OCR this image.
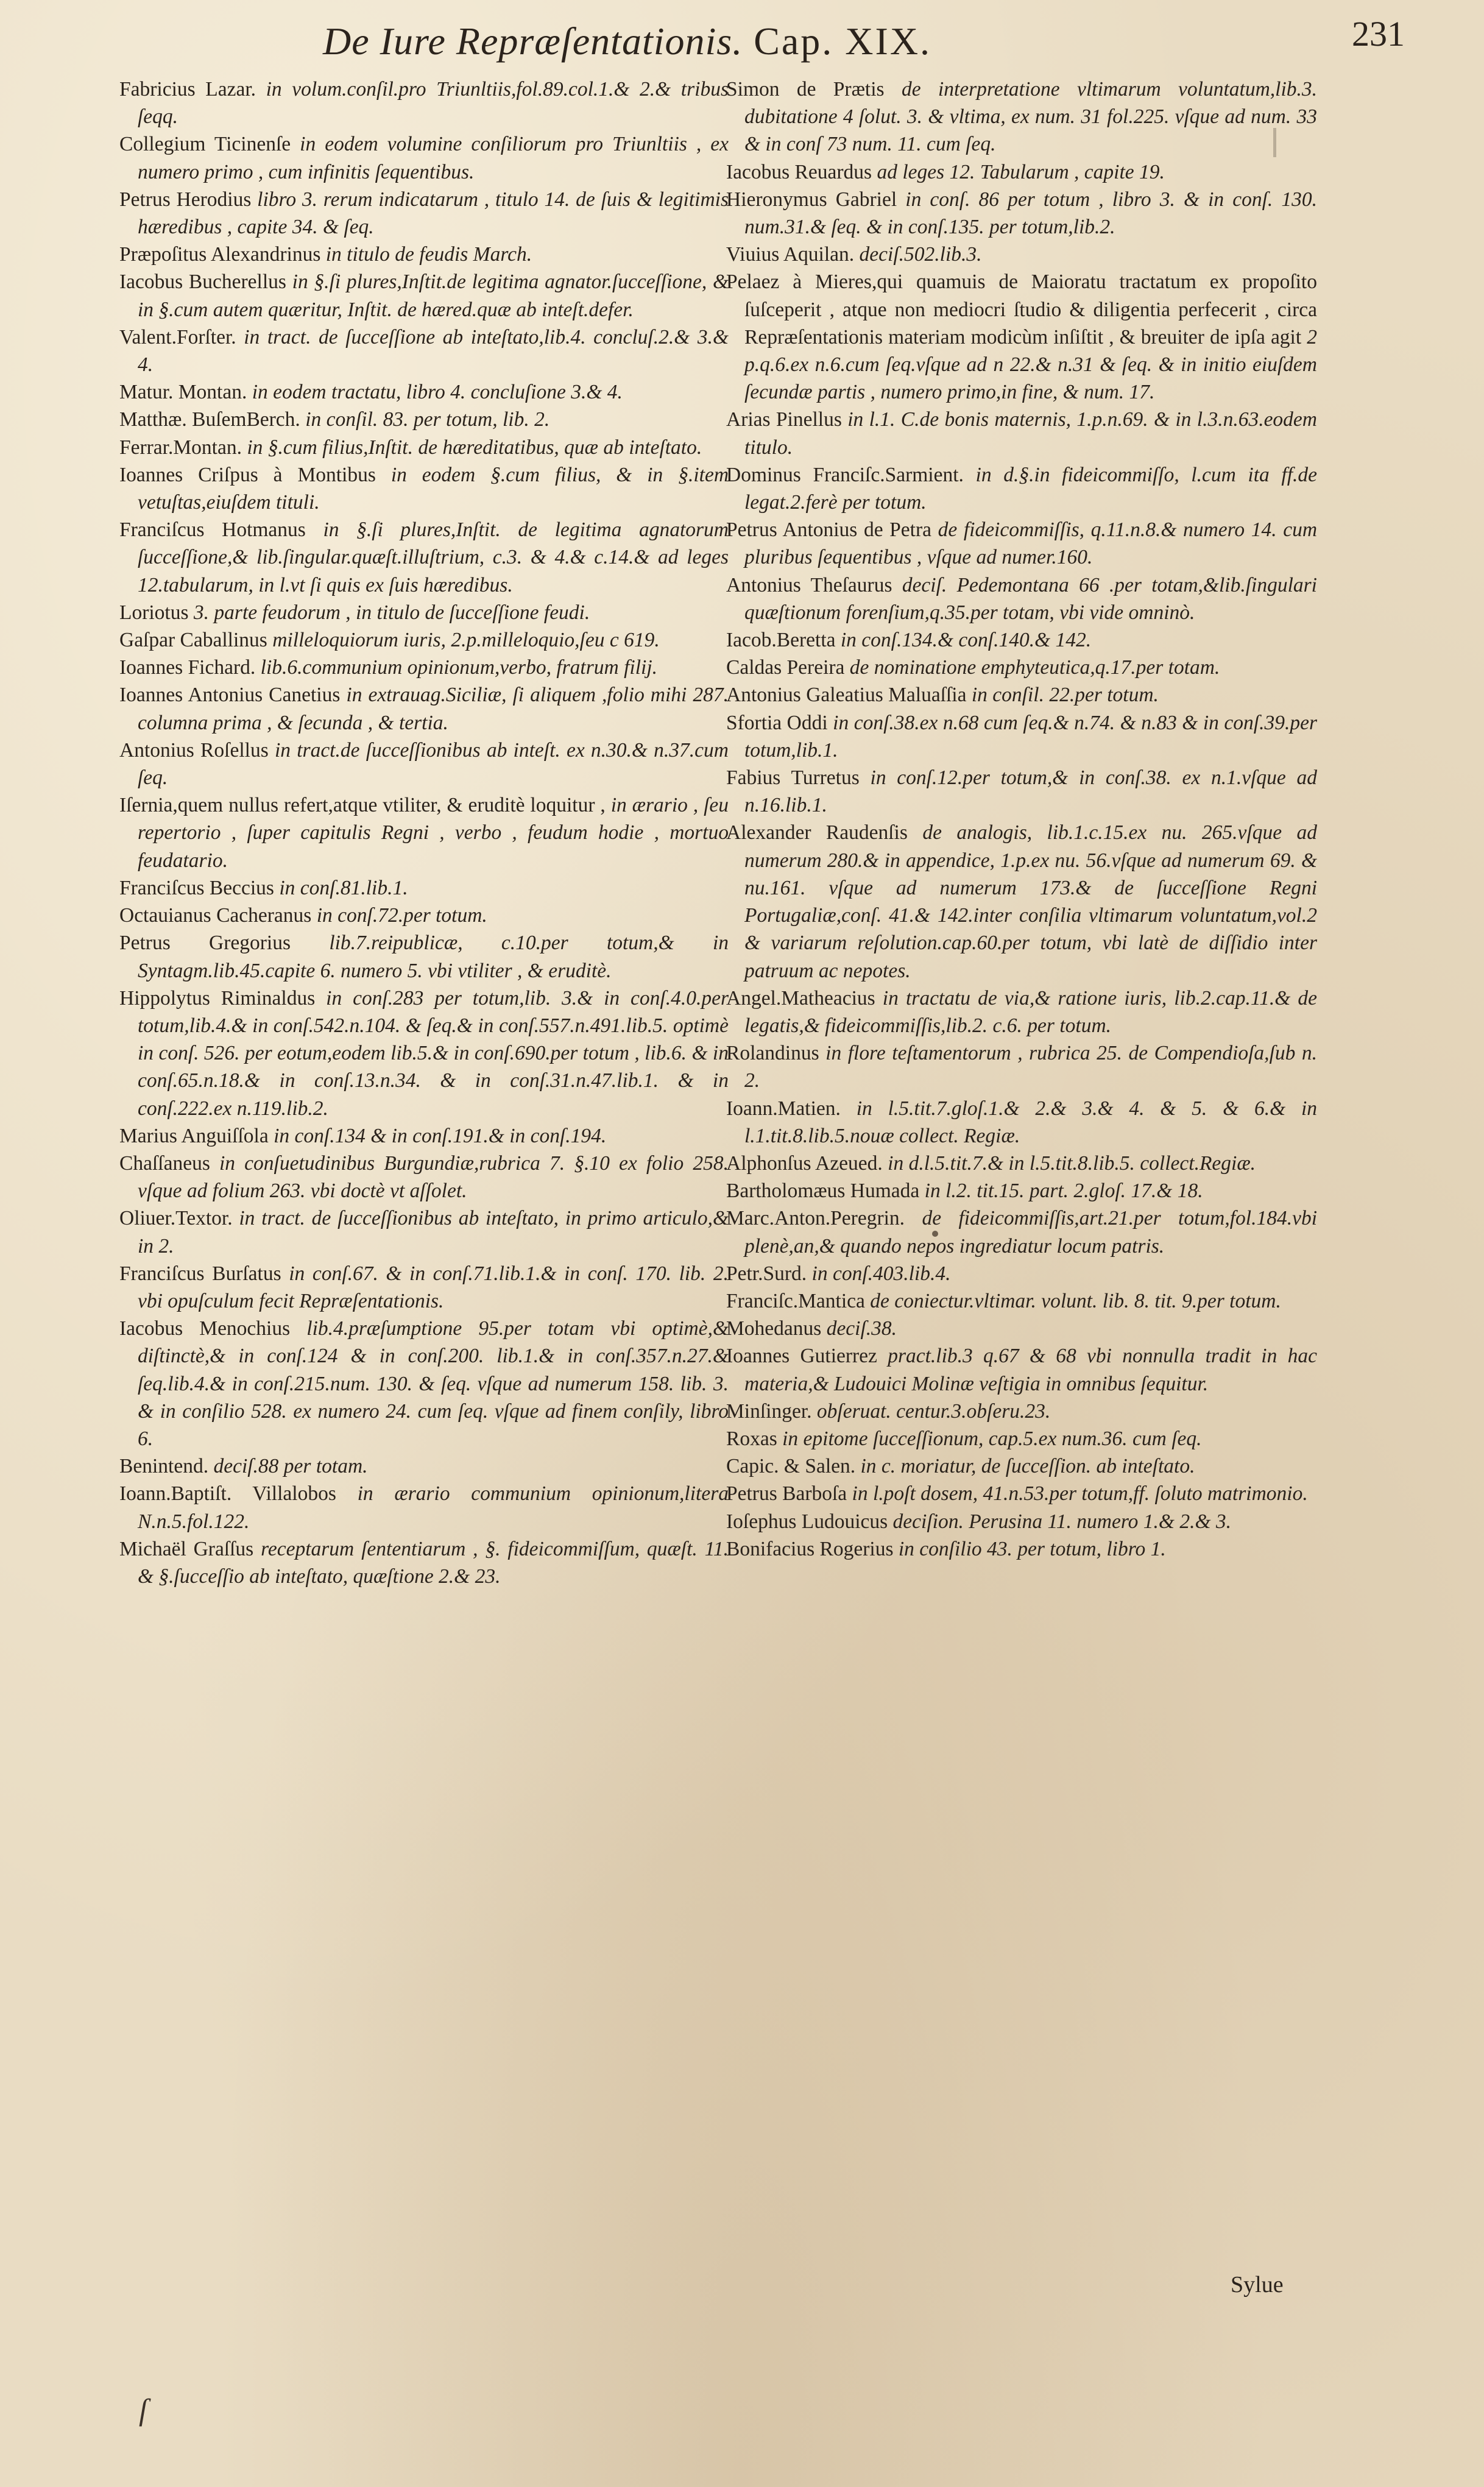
De Iure Repræſentationis. Cap. XIX.	231

Fabricius Lazar. in volum.conſil.pro Triunltiis,fol.89.col.1.& 2.& tribus ſeqq.

Collegium Ticinenſe in eodem volumine conſiliorum pro Triunltiis , ex numero primo , cum infinitis ſequentibus.

Petrus Herodius libro 3. rerum indicatarum , titulo 14. de ſuis & legitimis hæredibus , capite 34. & ſeq.

Præpoſitus Alexandrinus in titulo de feudis March.

Iacobus Bucherellus in §.ſi plures,Inſtit.de legitima agnator.ſucceſſione, & in §.cum autem quæritur, Inſtit. de hæred.quæ ab inteſt.defer.

Valent.Forſter. in tract. de ſucceſſione ab inteſtato,lib.4. concluſ.2.& 3.& 4.

Matur. Montan. in eodem tractatu, libro 4. concluſione 3.& 4.

Matthæ. BuſemBerch. in conſil. 83. per totum, lib. 2.

Ferrar.Montan. in §.cum filius,Inſtit. de hæreditatibus, quæ ab inteſtato.

Ioannes Criſpus à Montibus in eodem §.cum filius, & in §.item vetuſtas,eiuſdem tituli.

Franciſcus Hotmanus in §.ſi plures,Inſtit. de legitima agnatorum ſucceſſione,& lib.ſingular.quæſt.illuſtrium, c.3. & 4.& c.14.& ad leges 12.tabularum, in l.vt ſi quis ex ſuis hæredibus.

Loriotus 3. parte feudorum , in titulo de ſucceſſione feudi.

Gaſpar Caballinus milleloquiorum iuris, 2.p.milleloquio,ſeu c 619.

Ioannes Fichard. lib.6.communium opinionum,verbo, fratrum filij.

Ioannes Antonius Canetius in extrauag.Siciliæ, ſi aliquem ,folio mihi 287. columna prima , & ſecunda , & tertia.

Antonius Roſellus in tract.de ſucceſſionibus ab inteſt. ex n.30.& n.37.cum ſeq.

Iſernia,quem nullus refert,atque vtiliter, & eruditè loquitur , in ærario , ſeu repertorio , ſuper capitulis Regni , verbo , feudum hodie , mortuo feudatario.

Franciſcus Beccius in conſ.81.lib.1.

Octauianus Cacheranus in conſ.72.per totum.

Petrus Gregorius lib.7.reipublicæ, c.10.per totum,& in Syntagm.lib.45.capite 6. numero 5. vbi vtiliter , & eruditè.

Hippolytus Riminaldus in conſ.283 per totum,lib. 3.& in conſ.4.0.per totum,lib.4.& in conſ.542.n.104. & ſeq.& in conſ.557.n.491.lib.5. optimè in conſ. 526. per eotum,eodem lib.5.& in conſ.690.per totum , lib.6. & in conſ.65.n.18.& in conſ.13.n.34. & in conſ.31.n.47.lib.1. & in conſ.222.ex n.119.lib.2.

Marius Anguiſſola in conſ.134 & in conſ.191.& in conſ.194.

Chaſſaneus in conſuetudinibus Burgundiæ,rubrica 7. §.10 ex folio 258. vſque ad folium 263. vbi doctè vt aſſolet.

Oliuer.Textor. in tract. de ſucceſſionibus ab inteſtato, in primo articulo,& in 2.

Franciſcus Burſatus in conſ.67. & in conſ.71.lib.1.& in conſ. 170. lib. 2. vbi opuſculum fecit Repræſentationis.

Iacobus Menochius lib.4.præſumptione 95.per totam vbi optimè,& diſtinctè,& in conſ.124 & in conſ.200. lib.1.& in conſ.357.n.27.& ſeq.lib.4.& in conſ.215.num. 130. & ſeq. vſque ad numerum 158. lib. 3. & in conſilio 528. ex numero 24. cum ſeq. vſque ad finem conſily, libro 6.

Benintend. deciſ.88 per totam.

Ioann.Baptiſt. Villalobos in ærario communium opinionum,litera N.n.5.fol.122.

Michaël Graſſus receptarum ſententiarum , §. fideicommiſſum, quæſt. 11. & §.ſucceſſio ab inteſtato, quæſtione 2.& 23.

Simon de Prætis de interpretatione vltimarum voluntatum,lib.3. dubitatione 4 ſolut. 3. & vltima, ex num. 31 fol.225. vſque ad num. 33 & in conſ 73 num. 11. cum ſeq.

Iacobus Reuardus ad leges 12. Tabularum , capite 19.

Hieronymus Gabriel in conſ. 86 per totum , libro 3. & in conſ. 130. num.31.& ſeq. & in conſ.135. per totum,lib.2.

Viuius Aquilan. deciſ.502.lib.3.

Pelaez à Mieres,qui quamuis de Maioratu tractatum ex propoſito ſuſceperit , atque non mediocri ſtudio & diligentia perfecerit , circa Repræſentationis materiam modicùm inſiſtit , & breuiter de ipſa agit 2 p.q.6.ex n.6.cum ſeq.vſque ad n 22.& n.31 & ſeq. & in initio eiuſdem ſecundæ partis , numero primo,in fine, & num. 17.

Arias Pinellus in l.1. C.de bonis maternis, 1.p.n.69. & in l.3.n.63.eodem titulo.

Dominus Franciſc.Sarmient. in d.§.in fideicommiſſo, l.cum ita ff.de legat.2.ferè per totum.

Petrus Antonius de Petra de fideicommiſſis, q.11.n.8.& numero 14. cum pluribus ſequentibus , vſque ad numer.160.

Antonius Theſaurus deciſ. Pedemontana 66 .per totam,&lib.ſingulari quæſtionum forenſium,q.35.per totam, vbi vide omninò.

Iacob.Beretta in conſ.134.& conſ.140.& 142.

Caldas Pereira de nominatione emphyteutica,q.17.per totam.

Antonius Galeatius Maluaſſia in conſil. 22.per totum.

Sfortia Oddi in conſ.38.ex n.68 cum ſeq.& n.74. & n.83 & in conſ.39.per totum,lib.1.

Fabius Turretus in conſ.12.per totum,& in conſ.38. ex n.1.vſque ad n.16.lib.1.

Alexander Raudenſis de analogis, lib.1.c.15.ex nu. 265.vſque ad numerum 280.& in appendice, 1.p.ex nu. 56.vſque ad numerum 69. & nu.161. vſque ad numerum 173.& de ſucceſſione Regni Portugaliæ,conſ. 41.& 142.inter conſilia vltimarum voluntatum,vol.2 & variarum reſolution.cap.60.per totum, vbi latè de diſſidio inter patruum ac nepotes.

Angel.Matheacius in tractatu de via,& ratione iuris, lib.2.cap.11.& de legatis,& fideicommiſſis,lib.2. c.6. per totum.

Rolandinus in flore teſtamentorum , rubrica 25. de Compendioſa,ſub n. 2.

Ioann.Matien. in l.5.tit.7.gloſ.1.& 2.& 3.& 4. & 5. & 6.& in l.1.tit.8.lib.5.nouæ collect. Regiæ.

Alphonſus Azeued. in d.l.5.tit.7.& in l.5.tit.8.lib.5. collect.Regiæ.

Bartholomæus Humada in l.2. tit.15. part. 2.gloſ. 17.& 18.

Marc.Anton.Peregrin. de fideicommiſſis,art.21.per totum,fol.184.vbi plenè,an,& quando nepos ingrediatur locum patris.

Petr.Surd. in conſ.403.lib.4.

Franciſc.Mantica de coniectur.vltimar. volunt. lib. 8. tit. 9.per totum.

Mohedanus deciſ.38.

Ioannes Gutierrez pract.lib.3 q.67 & 68 vbi nonnulla tradit in hac materia,& Ludouici Molinæ veſtigia in omnibus ſequitur.

Minſinger. obſeruat. centur.3.obſeru.23.

Roxas in epitome ſucceſſionum, cap.5.ex num.36. cum ſeq.

Capic. & Salen. in c. moriatur, de ſucceſſion. ab inteſtato.

Petrus Barboſa in l.poſt dosem, 41.n.53.per totum,ff. ſoluto matrimonio.

Ioſephus Ludouicus deciſion. Perusina 11. numero 1.& 2.& 3.

Bonifacius Rogerius in conſilio 43. per totum, libro 1.

Sylue
ſ
